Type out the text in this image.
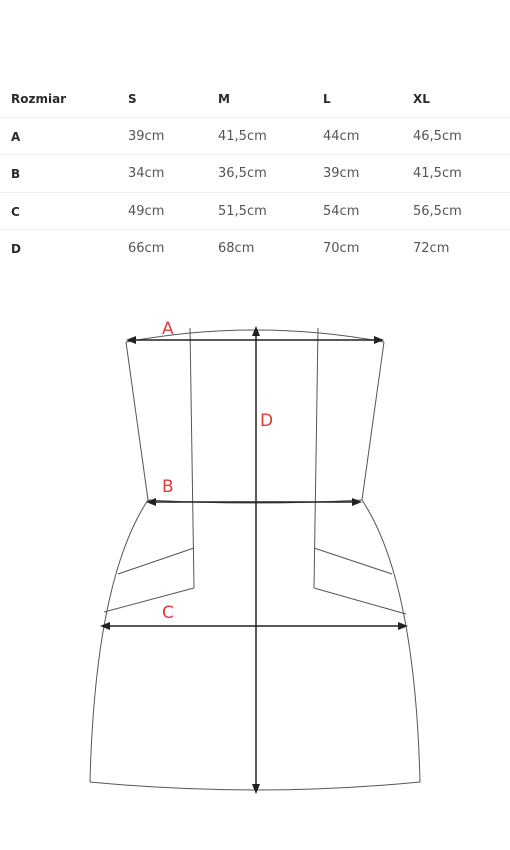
Rozmiar	S	M	L	XL
A	39cm	41,5cm	44cm	46,5cm
B	34cm	36,5cm	39cm	41,5cm
C	49cm	51,5cm	54cm	56,5cm
D	66cm	68cm	70cm	72cm
A
B
C
D
